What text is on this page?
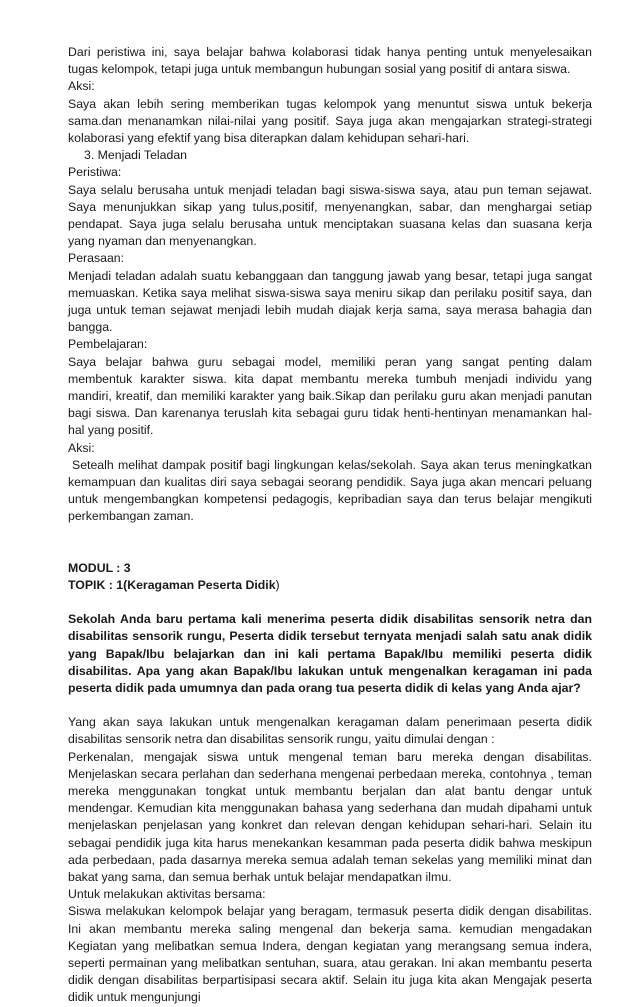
Dari peristiwa ini, saya belajar bahwa kolaborasi tidak hanya penting untuk menyelesaikan tugas kelompok, tetapi juga untuk membangun hubungan sosial yang positif di antara siswa.

Aksi:

Saya akan lebih sering memberikan tugas kelompok yang menuntut siswa untuk bekerja sama.dan menanamkan nilai-nilai yang positif. Saya juga akan mengajarkan strategi-strategi kolaborasi yang efektif yang bisa diterapkan dalam kehidupan sehari-hari.

3. Menjadi Teladan

Peristiwa:

Saya selalu berusaha untuk menjadi teladan bagi siswa-siswa saya, atau pun teman sejawat. Saya menunjukkan sikap yang tulus,positif, menyenangkan, sabar, dan menghargai setiap pendapat. Saya juga selalu berusaha untuk menciptakan suasana kelas dan suasana kerja yang nyaman dan menyenangkan.

Perasaan:

Menjadi teladan adalah suatu kebanggaan dan tanggung jawab yang besar, tetapi juga sangat memuaskan. Ketika saya melihat siswa-siswa saya meniru sikap dan perilaku positif saya, dan juga untuk teman sejawat menjadi lebih mudah diajak kerja sama, saya merasa bahagia dan bangga.

Pembelajaran:

Saya belajar bahwa guru sebagai model, memiliki peran yang sangat penting dalam membentuk karakter siswa. kita dapat membantu mereka tumbuh menjadi individu yang mandiri, kreatif, dan memiliki karakter yang baik.Sikap dan perilaku guru akan menjadi panutan bagi siswa. Dan karenanya teruslah kita sebagai guru tidak henti-hentinyan menamankan hal-hal yang positif.

Aksi:

Setealh melihat dampak positif bagi lingkungan kelas/sekolah. Saya akan terus meningkatkan kemampuan dan kualitas diri saya sebagai seorang pendidik. Saya juga akan mencari peluang untuk mengembangkan kompetensi pedagogis, kepribadian saya dan terus belajar mengikuti perkembangan zaman.

MODUL : 3

TOPIK : 1(Keragaman Peserta Didik)

Sekolah Anda baru pertama kali menerima peserta didik disabilitas sensorik netra dan disabilitas sensorik rungu, Peserta didik tersebut ternyata menjadi salah satu anak didik yang Bapak/Ibu belajarkan dan ini kali pertama Bapak/Ibu memiliki peserta didik disabilitas. Apa yang akan Bapak/Ibu lakukan untuk mengenalkan keragaman ini pada peserta didik pada umumnya dan pada orang tua peserta didik di kelas yang Anda ajar?

Yang akan saya lakukan untuk mengenalkan keragaman dalam penerimaan peserta didik disabilitas sensorik netra dan disabilitas sensorik rungu, yaitu dimulai dengan :

Perkenalan, mengajak siswa untuk mengenal teman baru mereka dengan disabilitas. Menjelaskan secara perlahan dan sederhana mengenai perbedaan mereka, contohnya , teman mereka menggunakan tongkat untuk membantu berjalan dan alat bantu dengar untuk mendengar. Kemudian kita menggunakan bahasa yang sederhana dan mudah dipahami untuk menjelaskan penjelasan yang konkret dan relevan dengan kehidupan sehari-hari. Selain itu sebagai pendidik juga kita harus menekankan kesamman pada peserta didik bahwa meskipun ada perbedaan, pada dasarnya mereka semua adalah teman sekelas yang memiliki minat dan bakat yang sama, dan semua berhak untuk belajar mendapatkan ilmu.

Untuk melakukan aktivitas bersama:

Siswa melakukan kelompok belajar yang beragam, termasuk peserta didik dengan disabilitas. Ini akan membantu mereka saling mengenal dan bekerja sama. kemudian mengadakan Kegiatan yang melibatkan semua Indera, dengan kegiatan yang merangsang semua indera, seperti permainan yang melibatkan sentuhan, suara, atau gerakan. Ini akan membantu peserta didik dengan disabilitas berpartisipasi secara aktif. Selain itu juga kita akan Mengajak peserta didik untuk mengunjungi
